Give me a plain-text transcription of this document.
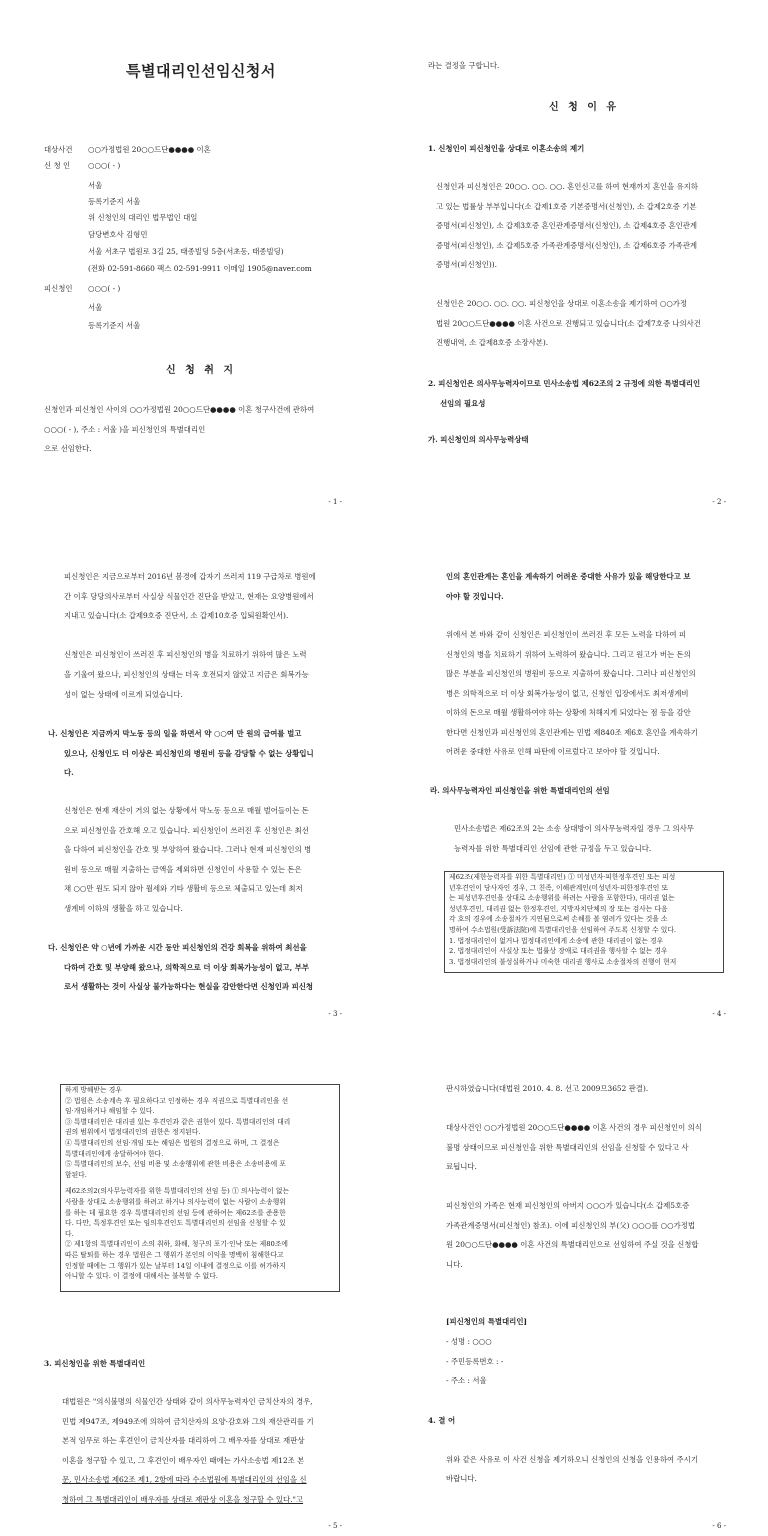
특별대리인선임신청서
대상사건 ○○가정법원 20○○드단●●●● 이혼
신 청 인 ○○○( - )
서울
등록기준지 서울
위 신청인의 대리인 법무법인 대일
담당변호사 김형민
서울 서초구 법원로 3길 25, 태종빌딩 5층(서초동, 태종빌딩)
(전화 02-591-8660 팩스 02-591-9911 이메일 1905@naver.com
피신청인 ○○○( - )
서울
등록기준지 서울
신 청 취 지
신청인과 피신청인 사이의 ○○가정법원 20○○드단●●●● 이혼 청구사건에 관하여
○○○( - ), 주소 : 서울 )을 피신청인의 특별대리인
으로 선임한다.
- 1 -
라는 결정을 구합니다.
신 청 이 유
1. 신청인이 피신청인을 상대로 이혼소송의 제기
신청인과 피신청인은 20○○. ○○. ○○. 혼인신고를 하여 현재까지 혼인을 유지하
고 있는 법률상 부부입니다(소 갑제1호증 기본증명서(신청인), 소 갑제2호증 기본
증명서(피신청인), 소 갑제3호증 혼인관계증명서(신청인), 소 갑제4호증 혼인관계
증명서(피신청인), 소 갑제5호증 가족관계증명서(신청인), 소 갑제6호증 가족관계
증명서(피신청인)).
신청인은 20○○. ○○. ○○. 피신청인을 상대로 이혼소송을 제기하여 ○○가정
법원 20○○드단●●●● 이혼 사건으로 진행되고 있습니다(소 갑제7호증 나의사건
진행내역, 소 갑제8호증 소장사본).
2. 피신청인은 의사무능력자이므로 민사소송법 제62조의 2 규정에 의한 특별대리인
선임의 필요성
가. 피신청인의 의사무능력상태
- 2 -
피신청인은 지금으로부터 2016년 봄경에 갑자기 쓰러져 119 구급차로 병원에
간 이후 당당의사로부터 사실상 식물인간 진단을 받았고, 현재는 요양병원에서
지내고 있습니다(소 갑제9호증 진단서, 소 갑제10호증 입퇴원확인서).
신청인은 피신청인이 쓰러진 후 피신청인의 병을 치료하기 위하여 많은 노력
을 기울여 왔으나, 피신청인의 상태는 더욱 호전되지 않았고 지금은 회복가능
성이 없는 상태에 이르게 되었습니다.
나. 신청인은 지금까지 막노동 등의 일을 하면서 약 ○○여 만 원의 급여를 벌고
있으나, 신청인도 더 이상은 피신청인의 병원비 등을 감당할 수 없는 상황입니
다.
신청인은 현재 재산이 거의 없는 상황에서 막노동 등으로 매월 벌어들이는 돈
으로 피신청인을 간호해 오고 있습니다. 피신청인이 쓰러진 후 신청인은 최선
을 다하여 피신청인을 간호 및 부양하여 왔습니다. 그러나 현재 피신청인의 병
원비 등으로 매월 지출하는 금액을 제외하면 신청인이 사용할 수 있는 돈은
채 ○○만 원도 되지 않아 월세와 기타 생활비 등으로 체출되고 있는데 최저
생계비 이하의 생활을 하고 있습니다.
다. 신청인은 약 ○년에 가까운 시간 동안 피신청인의 건강 회복을 위하여 최선을
다하여 간호 및 부양해 왔으나, 의학적으로 더 이상 회복가능성이 없고, 부부
로서 생활하는 것이 사실상 불가능하다는 현실을 감안한다면 신청인과 피신청
- 3 -
인의 혼인관계는 혼인을 계속하기 어려운 중대한 사유가 있을 해당한다고 보
아야 할 것입니다.
위에서 본 바와 같이 신청인은 피신청인이 쓰러진 후 모든 노력을 다하여 피
신청인의 병을 치료하기 위하여 노력하여 왔습니다. 그리고 원고가 버는 돈의
많은 부분을 피신청인의 병원비 등으로 지출하여 왔습니다. 그러나 피신청인의
병은 의학적으로 더 이상 회복가능성이 없고, 신청인 입장에서도 최저생계비
이하의 돈으로 매월 생활하여야 하는 상황에 처해지게 되었다는 점 등을 감안
한다면 신청인과 피신청인의 혼인관계는 민법 제840조 제6호 혼인을 계속하기
어려운 중대한 사유로 인해 파탄에 이르렀다고 보아야 할 것입니다.
라. 의사무능력자인 피신청인을 위한 특별대리인의 선임
민사소송법은 제62조의 2는 소송 상대방이 의사무능력자일 경우 그 의사무
능력자를 위한 특별대리인 선임에 관한 규정을 두고 있습니다.
제62조(제한능력자를 위한 특별대리인) ① 미성년자·피한정후견인 또는 피성
년후견인이 당사자인 경우, 그 친족, 이해관계인(미성년자·피한정후견인 또
는 피성년후견인을 상대로 소송행위를 하려는 사람을 포함한다), 대리권 없는
성년후견인, 대리권 없는 한정후견인, 지방자치단체의 장 또는 검사는 다음
각 호의 경우에 소송절차가 지연됨으로써 손해를 볼 염려가 있다는 것을 소
명하여 수소법원(受訴法院)에 특별대리인을 선임하여 주도록 신청할 수 있다.
1. 법정대리인이 없거나 법정대리인에게 소송에 관한 대리권이 없는 경우
2. 법정대리인이 사실상 또는 법률상 장애로 대리권을 행사할 수 없는 경우
3. 법정대리인의 불성실하거나 미숙한 대리권 행사로 소송절차의 진행이 현저
- 4 -
하게 방해받는 경우
② 법원은 소송계속 후 필요하다고 인정하는 경우 직권으로 특별대리인을 선
임·개임하거나 해임할 수 있다.
③ 특별대리인은 대리권 있는 후견인과 같은 권한이 있다. 특별대리인의 대리
권의 범위에서 법정대리인의 권한은 정지된다.
④ 특별대리인의 선임·개임 또는 해임은 법원의 결정으로 하며, 그 결정은
특별대리인에게 송달하여야 한다.
⑤ 특별대리인의 보수, 선임 비용 및 소송행위에 관한 비용은 소송비용에 포
함된다.
제62조의2(의사무능력자를 위한 특별대리인의 선임 등) ① 의사능력이 없는
사람을 상대로 소송행위를 하려고 하거나 의사능력이 없는 사람이 소송행위
를 하는 데 필요한 경우 특별대리인의 선임 등에 관하여는 제62조를 준용한
다. 다만, 특정후견인 또는 임의후견인도 특별대리인의 선임을 신청할 수 있
다.
② 제1항의 특별대리인이 소의 취하, 화해, 청구의 포기·인낙 또는 제80조에
따른 탈퇴를 하는 경우 법원은 그 행위가 본인의 이익을 명백히 침해한다고
인정할 때에는 그 행위가 있는 날부터 14일 이내에 결정으로 이를 허가하지
아니할 수 있다. 이 결정에 대해서는 불복할 수 없다.
3. 피신청인을 위한 특별대리인
대법원은 "의식불명의 식물인간 상태와 같이 의사무능력자인 금치산자의 경우,
민법 제947조, 제949조에 의하여 금치산자의 요양·감호와 그의 재산관리를 기
본적 임무로 하는 후견인이 금치산자를 대리하여 그 배우자를 상대로 재판상
이혼을 청구할 수 있고, 그 후견인이 배우자인 때에는 가사소송법 제12조 본
문, 민사소송법 제62조 제1, 2항에 따라 수소법원에 특별대리인의 선임을 신
청하여 그 특별대리인이 배우자를 상대로 재판상 이혼을 청구할 수 있다."고
- 5 -
판시하였습니다(대법원 2010. 4. 8. 선고 2009므3652 판결).
대상사건인 ○○가정법원 20○○드단●●●● 이혼 사건의 경우 피신청인이 의식
불명 상태이므로 피신청인을 위한 특별대리인의 선임을 신청할 수 있다고 사
료됩니다.
피신청인의 가족은 현재 피신청인의 아버지 ○○○가 있습니다(소 갑제5호증
가족관계증명서(피신청인) 참조). 이에 피신청인의 부(父) ○○○를 ○○가정법
원 20○○드단●●●● 이혼 사건의 특별대리인으로 선임하여 주실 것을 신청합
니다.
[피신청인의 특별대리인]
- 성명 : ○○○
- 주민등록번호 : -
- 주소 : 서울
4. 결 어
위와 같은 사유로 이 사건 신청을 제기하오니 신청인의 신청을 인용하여 주시기
바랍니다.
- 6 -
